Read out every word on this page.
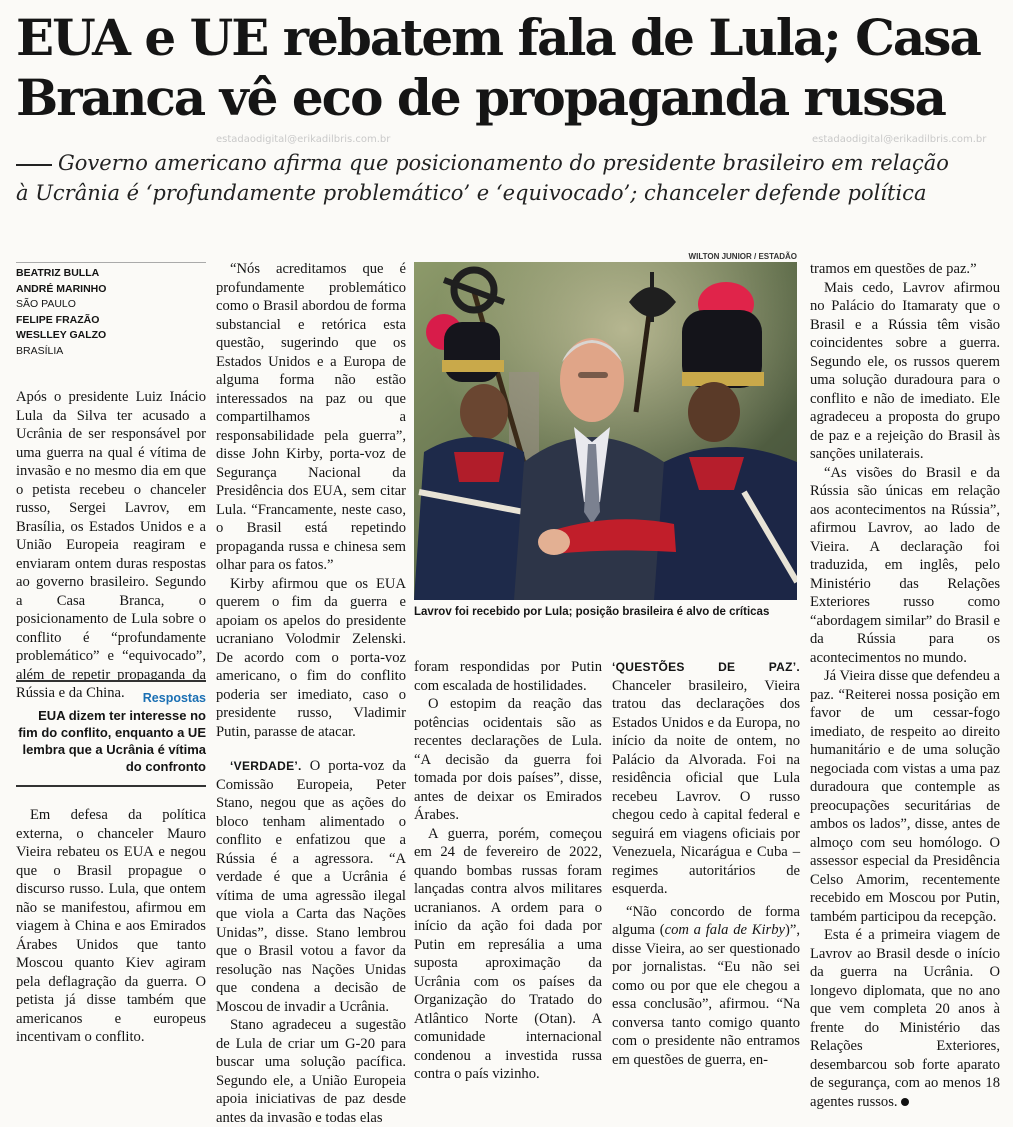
EUA e UE rebatem fala de Lula; Casa
Branca vê eco de propaganda russa
estadaodigital@erikadilbris.com.br	estadaodigital@erikadilbris.com.br

Governo americano afirma que posicionamento do presidente brasileiro em relação
à Ucrânia é ‘profundamente problemático’ e ‘equivocado’; chanceler defende política

BEATRIZ BULLA
ANDRÉ MARINHO
SÃO PAULO
FELIPE FRAZÃO
WESLLEY GALZO
BRASÍLIA

Após o presidente Luiz Inácio Lula da Silva ter acusado a Ucrânia de ser responsável por uma guerra na qual é vítima de invasão e no mesmo dia em que o petista recebeu o chanceler russo, Sergei Lavrov, em Brasília, os Estados Unidos e a União Europeia reagiram e enviaram ontem duras respostas ao governo brasileiro. Segundo a Casa Branca, o posicionamento de Lula sobre o conflito é “profundamente problemático” e “equivocado”, além de repetir propaganda da Rússia e da China.	Respostas
EUA dizem ter interesse no fim do conflito, enquanto a UE lembra que a Ucrânia é vítima do confronto

Em defesa da política externa, o chanceler Mauro Vieira rebateu os EUA e negou que o Brasil propague o discurso russo. Lula, que ontem não se manifestou, afirmou em viagem à China e aos Emirados Árabes Unidos que tanto Moscou quanto Kiev agiram pela deflagração da guerra. O petista já disse também que americanos e europeus incentivam o conflito.

“Nós acreditamos que é profundamente problemático como o Brasil abordou de forma substancial e retórica esta questão, sugerindo que os Estados Unidos e a Europa de alguma forma não estão interessados na paz ou que compartilhamos a responsabilidade pela guerra”, disse John Kirby, porta-voz de Segurança Nacional da Presidência dos EUA, sem citar Lula. “Francamente, neste caso, o Brasil está repetindo propaganda russa e chinesa sem olhar para os fatos.”

Kirby afirmou que os EUA querem o fim da guerra e apoiam os apelos do presidente ucraniano Volodmir Zelenski. De acordo com o porta-voz americano, o fim do conflito poderia ser imediato, caso o presidente russo, Vladimir Putin, parasse de atacar.

‘VERDADE’. O porta-voz da Comissão Europeia, Peter Stano, negou que as ações do bloco tenham alimentado o conflito e enfatizou que a Rússia é a agressora. “A verdade é que a Ucrânia é vítima de uma agressão ilegal que viola a Carta das Nações Unidas”, disse. Stano lembrou que o Brasil votou a favor da resolução nas Nações Unidas que condena a decisão de Moscou de invadir a Ucrânia.

Stano agradeceu a sugestão de Lula de criar um G-20 para buscar uma solução pacífica. Segundo ele, a União Europeia apoia iniciativas de paz desde antes da invasão e todas elas

WILTON JUNIOR / ESTADÃO
Lavrov foi recebido por Lula; posição brasileira é alvo de críticas

foram respondidas por Putin com escalada de hostilidades.

O estopim da reação das potências ocidentais são as recentes declarações de Lula. “A decisão da guerra foi tomada por dois países”, disse, antes de deixar os Emirados Árabes.

A guerra, porém, começou em 24 de fevereiro de 2022, quando bombas russas foram lançadas contra alvos militares ucranianos. A ordem para o início da ação foi dada por Putin em represália a uma suposta aproximação da Ucrânia com os países da Organização do Tratado do Atlântico Norte (Otan). A comunidade internacional condenou a investida russa contra o país vizinho.

‘QUESTÕES DE PAZ’. Chanceler brasileiro, Vieira tratou das declarações dos Estados Unidos e da Europa, no início da noite de ontem, no Palácio da Alvorada. Foi na residência oficial que Lula recebeu Lavrov. O russo chegou cedo à capital federal e seguirá em viagens oficiais por Venezuela, Nicarágua e Cuba – regimes autoritários de esquerda.

“Não concordo de forma alguma (com a fala de Kirby)”, disse Vieira, ao ser questionado por jornalistas. “Eu não sei como ou por que ele chegou a essa conclusão”, afirmou. “Na conversa tanto comigo quanto com o presidente não entramos em questões de guerra, en-

tramos em questões de paz.”

Mais cedo, Lavrov afirmou no Palácio do Itamaraty que o Brasil e a Rússia têm visão coincidentes sobre a guerra. Segundo ele, os russos querem uma solução duradoura para o conflito e não de imediato. Ele agradeceu a proposta do grupo de paz e a rejeição do Brasil às sanções unilaterais.

“As visões do Brasil e da Rússia são únicas em relação aos acontecimentos na Rússia”, afirmou Lavrov, ao lado de Vieira. A declaração foi traduzida, em inglês, pelo Ministério das Relações Exteriores russo como “abordagem similar” do Brasil e da Rússia para os acontecimentos no mundo.

Já Vieira disse que defendeu a paz. “Reiterei nossa posição em favor de um cessar-fogo imediato, de respeito ao direito humanitário e de uma solução negociada com vistas a uma paz duradoura que contemple as preocupações securitárias de ambos os lados”, disse, antes de almoço com seu homólogo. O assessor especial da Presidência Celso Amorim, recentemente recebido em Moscou por Putin, também participou da recepção.

Esta é a primeira viagem de Lavrov ao Brasil desde o início da guerra na Ucrânia. O longevo diplomata, que no ano que vem completa 20 anos à frente do Ministério das Relações Exteriores, desembarcou sob forte aparato de segurança, com ao menos 18 agentes russos.
